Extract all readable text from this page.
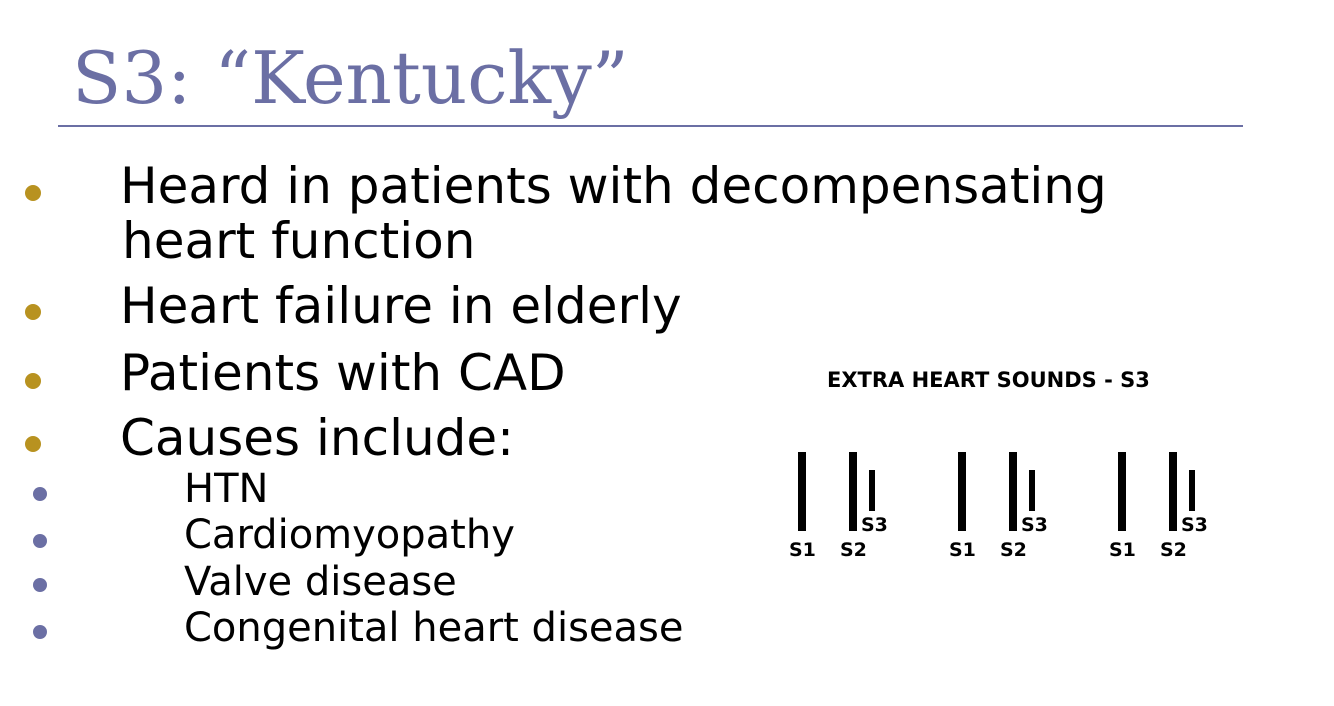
S3: “Kentucky”
Heard in patients with decompensating
heart function
Heart failure in elderly
Patients with CAD
Causes include:
HTN
Cardiomyopathy
Valve disease
Congenital heart disease
EXTRA HEART SOUNDS - S3
S1 S2
S3
S1 S2
S3
S1 S2
S3
